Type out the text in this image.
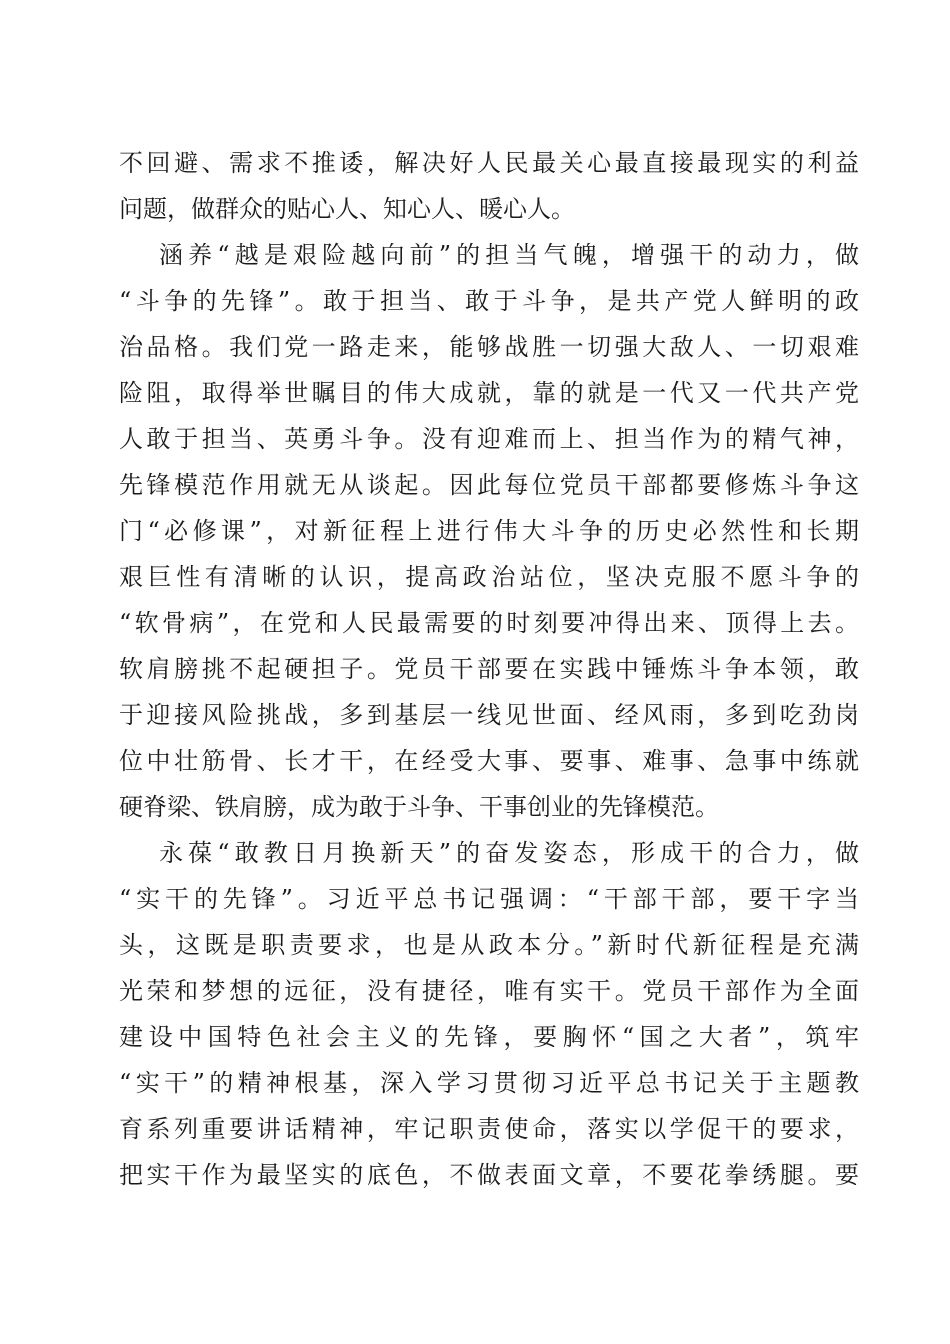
不回避、需求不推诿，解决好人民最关心最直接最现实的利益
问题，做群众的贴心人、知心人、暖心人。
涵养“越是艰险越向前”的担当气魄，增强干的动力，做
“斗争的先锋”。敢于担当、敢于斗争，是共产党人鲜明的政
治品格。我们党一路走来，能够战胜一切强大敌人、一切艰难
险阻，取得举世瞩目的伟大成就，靠的就是一代又一代共产党
人敢于担当、英勇斗争。没有迎难而上、担当作为的精气神，
先锋模范作用就无从谈起。因此每位党员干部都要修炼斗争这
门“必修课”，对新征程上进行伟大斗争的历史必然性和长期
艰巨性有清晰的认识，提高政治站位，坚决克服不愿斗争的
“软骨病”，在党和人民最需要的时刻要冲得出来、顶得上去。
软肩膀挑不起硬担子。党员干部要在实践中锤炼斗争本领，敢
于迎接风险挑战，多到基层一线见世面、经风雨，多到吃劲岗
位中壮筋骨、长才干，在经受大事、要事、难事、急事中练就
硬脊梁、铁肩膀，成为敢于斗争、干事创业的先锋模范。
永葆“敢教日月换新天”的奋发姿态，形成干的合力，做
“实干的先锋”。习近平总书记强调：“干部干部，要干字当
头，这既是职责要求，也是从政本分。”新时代新征程是充满
光荣和梦想的远征，没有捷径，唯有实干。党员干部作为全面
建设中国特色社会主义的先锋，要胸怀“国之大者”，筑牢
“实干”的精神根基，深入学习贯彻习近平总书记关于主题教
育系列重要讲话精神，牢记职责使命，落实以学促干的要求，
把实干作为最坚实的底色，不做表面文章，不要花拳绣腿。要
